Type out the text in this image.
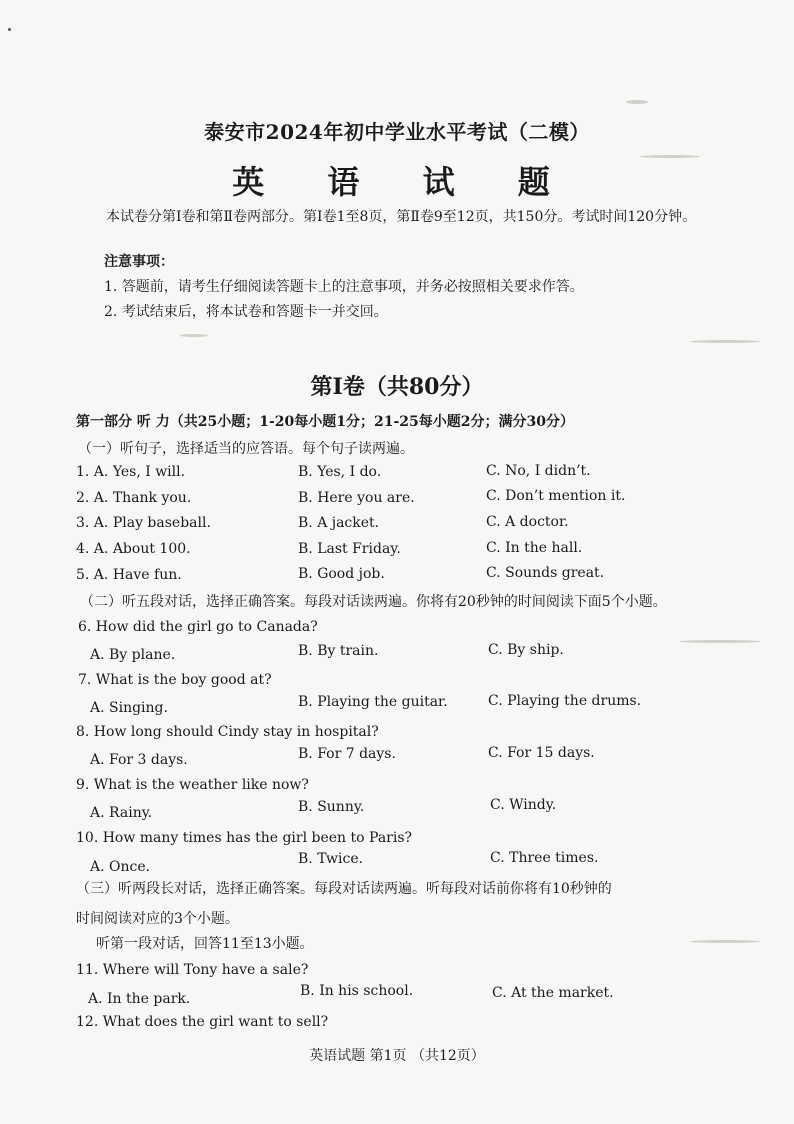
泰安市2024年初中学业水平考试（二模）
英 语 试 题
本试卷分第Ⅰ卷和第Ⅱ卷两部分。第Ⅰ卷1至8页，第Ⅱ卷9至12页，共150分。考试时间120分钟。
注意事项：
1. 答题前，请考生仔细阅读答题卡上的注意事项，并务必按照相关要求作答。
2. 考试结束后，将本试卷和答题卡一并交回。
第Ⅰ卷（共80分）
第一部分 听 力（共25小题；1-20每小题1分；21-25每小题2分；满分30分）
（一）听句子，选择适当的应答语。每个句子读两遍。
1. A. Yes, I will.	B. Yes, I do.	C. No, I didn’t.
2. A. Thank you.	B. Here you are.	C. Don’t mention it.
3. A. Play baseball.	B. A jacket.	C. A doctor.
4. A. About 100.	B. Last Friday.	C. In the hall.
5. A. Have fun.	B. Good job.	C. Sounds great.
（二）听五段对话，选择正确答案。每段对话读两遍。你将有20秒钟的时间阅读下面5个小题。
6. How did the girl go to Canada?
A. By plane.	B. By train.	C. By ship.
7. What is the boy good at?
A. Singing.	B. Playing the guitar.	C. Playing the drums.
8. How long should Cindy stay in hospital?
A. For 3 days.	B. For 7 days.	C. For 15 days.
9. What is the weather like now?
A. Rainy.	B. Sunny.	C. Windy.
10. How many times has the girl been to Paris?
A. Once.	B. Twice.	C. Three times.
（三）听两段长对话，选择正确答案。每段对话读两遍。听每段对话前你将有10秒钟的
时间阅读对应的3个小题。
听第一段对话，回答11至13小题。
11. Where will Tony have a sale?
A. In the park.	B. In his school.	C. At the market.
12. What does the girl want to sell?
英语试题 第1页 （共12页）
